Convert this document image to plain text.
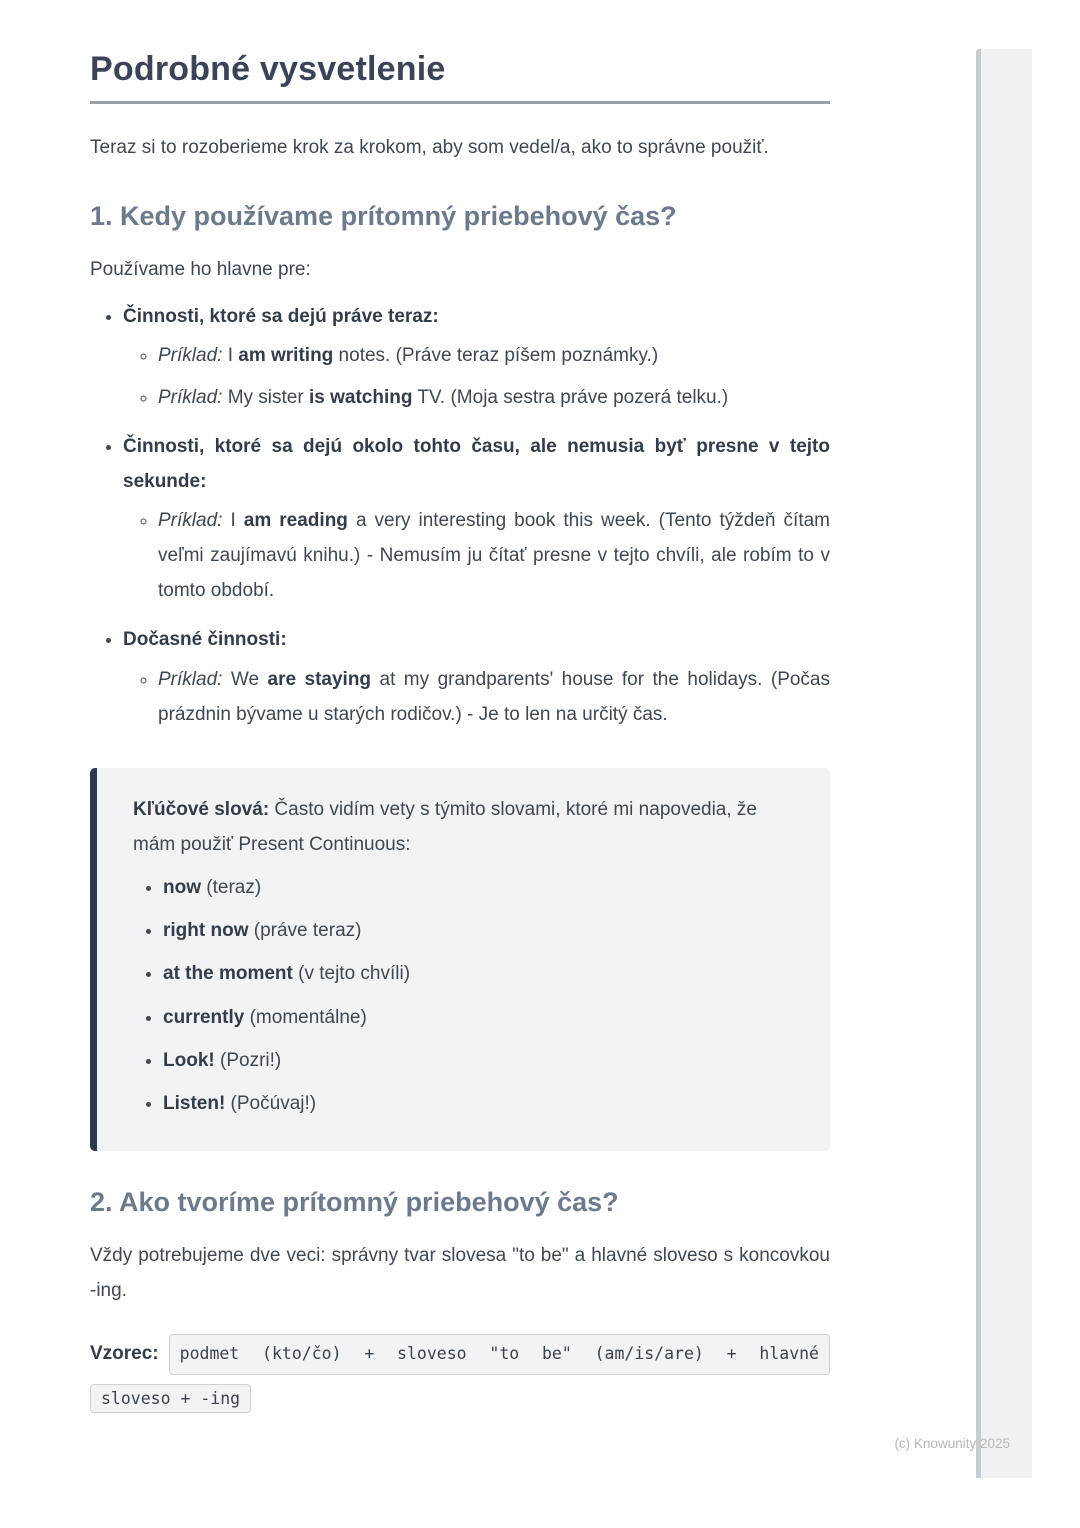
Podrobné vysvetlenie

Teraz si to rozoberieme krok za krokom, aby som vedel/a, ako to správne použiť.

1. Kedy používame prítomný priebehový čas?

Používame ho hlavne pre:

• Činnosti, ktoré sa dejú práve teraz:
◦ Príklad: I am writing notes. (Práve teraz píšem poznámky.)
◦ Príklad: My sister is watching TV. (Moja sestra práve pozerá telku.)
• Činnosti, ktoré sa dejú okolo tohto času, ale nemusia byť presne v tejto sekunde:
◦ Príklad: I am reading a very interesting book this week. (Tento týždeň čítam veľmi zaujímavú knihu.) - Nemusím ju čítať presne v tejto chvíli, ale robím to v tomto období.
• Dočasné činnosti:
◦ Príklad: We are staying at my grandparents' house for the holidays. (Počas prázdnin bývame u starých rodičov.) - Je to len na určitý čas.

Kľúčové slová: Často vidím vety s týmito slovami, ktoré mi napovedia, že mám použiť Present Continuous:

• now (teraz)
• right now (práve teraz)
• at the moment (v tejto chvíli)
• currently (momentálne)
• Look! (Pozri!)
• Listen! (Počúvaj!)
2. Ako tvoríme prítomný priebehový čas?

Vždy potrebujeme dve veci: správny tvar slovesa "to be" a hlavné sloveso s koncovkou -ing.

Vzorec:	podmet (kto/čo) + sloveso "to be" (am/is/are) + hlavné
sloveso + -ing
(c) Knowunity 2025
